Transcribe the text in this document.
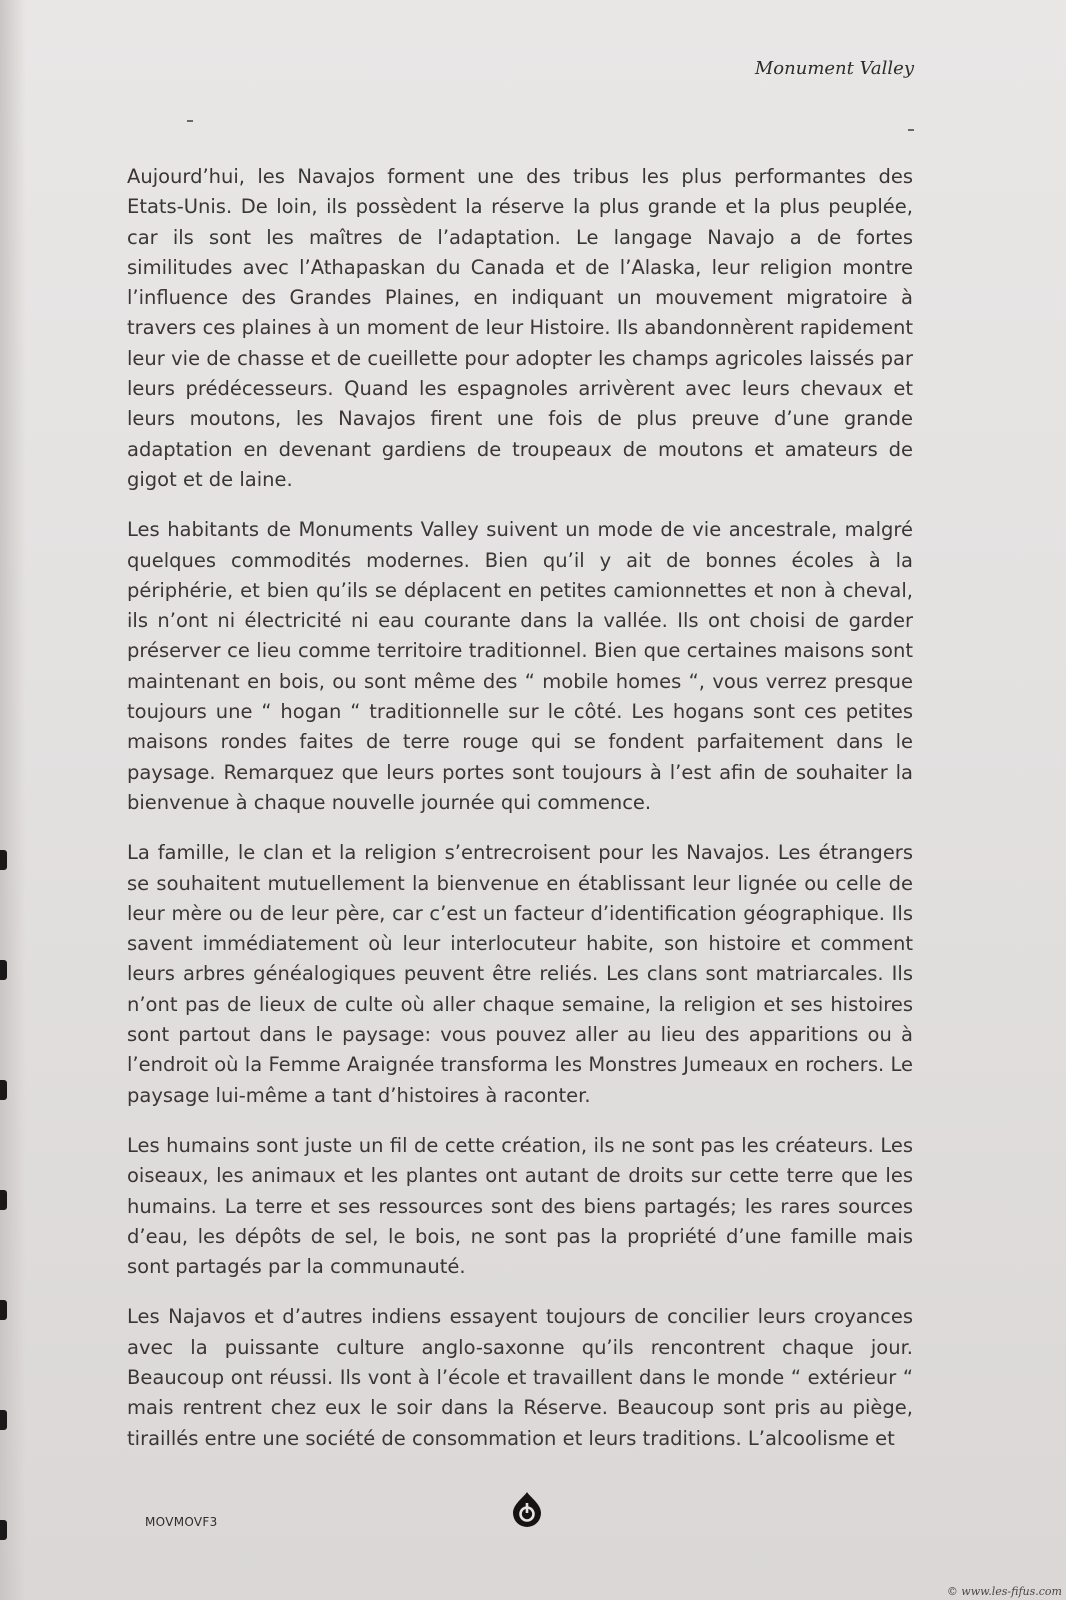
Monument Valley

Aujourd’hui, les Navajos forment une des tribus les plus performantes des Etats-Unis. De loin, ils possèdent la réserve la plus grande et la plus peuplée, car ils sont les maîtres de l’adaptation. Le langage Navajo a de fortes similitudes avec l’Athapaskan du Canada et de l’Alaska, leur religion montre l’influence des Grandes Plaines, en indiquant un mouvement migratoire à travers ces plaines à un moment de leur Histoire. Ils abandonnèrent rapidement leur vie de chasse et de cueillette pour adopter les champs agricoles laissés par leurs prédécesseurs. Quand les espagnoles arrivèrent avec leurs chevaux et leurs moutons, les Navajos firent une fois de plus preuve d’une grande adaptation en devenant gardiens de troupeaux de moutons et amateurs de gigot et de laine.

Les habitants de Monuments Valley suivent un mode de vie ancestrale, malgré quelques commodités modernes. Bien qu’il y ait de bonnes écoles à la périphérie, et bien qu’ils se déplacent en petites camionnettes et non à cheval, ils n’ont ni électricité ni eau courante dans la vallée. Ils ont choisi de garder préserver ce lieu comme territoire traditionnel. Bien que certaines maisons sont maintenant en bois, ou sont même des “ mobile homes “, vous verrez presque toujours une “ hogan “ traditionnelle sur le côté. Les hogans sont ces petites maisons rondes faites de terre rouge qui se fondent parfaitement dans le paysage. Remarquez que leurs portes sont toujours à l’est afin de souhaiter la bienvenue à chaque nouvelle journée qui commence.

La famille, le clan et la religion s’entrecroisent pour les Navajos. Les étrangers se souhaitent mutuellement la bienvenue en établissant leur lignée ou celle de leur mère ou de leur père, car c’est un facteur d’identification géographique. Ils savent immédiatement où leur interlocuteur habite, son histoire et comment leurs arbres généalogiques peuvent être reliés. Les clans sont matriarcales. Ils n’ont pas de lieux de culte où aller chaque semaine, la religion et ses histoires sont partout dans le paysage: vous pouvez aller au lieu des apparitions ou à l’endroit où la Femme Araignée transforma les Monstres Jumeaux en rochers. Le paysage lui-même a tant d’histoires à raconter.

Les humains sont juste un fil de cette création, ils ne sont pas les créateurs. Les oiseaux, les animaux et les plantes ont autant de droits sur cette terre que les humains. La terre et ses ressources sont des biens partagés; les rares sources d’eau, les dépôts de sel, le bois, ne sont pas la propriété d’une famille mais sont partagés par la communauté.

Les Najavos et d’autres indiens essayent toujours de concilier leurs croyances avec la puissante culture anglo-saxonne qu’ils rencontrent chaque jour. Beaucoup ont réussi. Ils vont à l’école et travaillent dans le monde “ extérieur “ mais rentrent chez eux le soir dans la Réserve. Beaucoup sont pris au piège, tiraillés entre une société de consommation et leurs traditions. L’alcoolisme et

MOVMOVF3
© www.les-fifus.com
